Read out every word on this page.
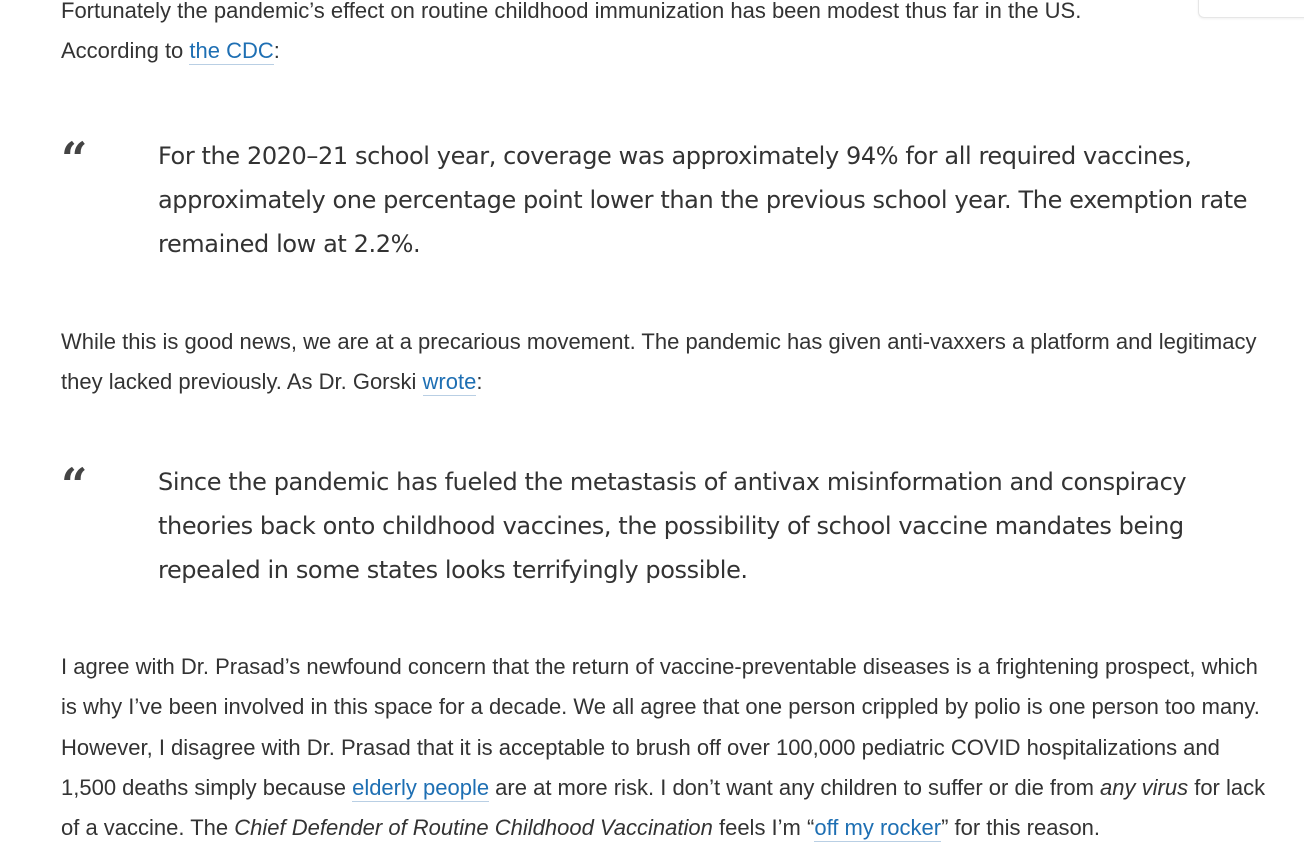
Fortunately the pandemic’s effect on routine childhood immunization has been modest thus far in the US.
According to the CDC:

“	For the 2020–21 school year, coverage was approximately 94% for all required vaccines, approximately one percentage point lower than the previous school year. The exemption rate remained low at 2.2%.

While this is good news, we are at a precarious movement. The pandemic has given anti-vaxxers a platform and legitimacy they lacked previously. As Dr. Gorski wrote:

“	Since the pandemic has fueled the metastasis of antivax misinformation and conspiracy theories back onto childhood vaccines, the possibility of school vaccine mandates being repealed in some states looks terrifyingly possible.

I agree with Dr. Prasad’s newfound concern that the return of vaccine-preventable diseases is a frightening prospect, which is why I’ve been involved in this space for a decade. We all agree that one person crippled by polio is one person too many. However, I disagree with Dr. Prasad that it is acceptable to brush off over 100,000 pediatric COVID hospitalizations and 1,500 deaths simply because elderly people are at more risk. I don’t want any children to suffer or die from any virus for lack of a vaccine. The Chief Defender of Routine Childhood Vaccination feels I’m “off my rocker” for this reason.
